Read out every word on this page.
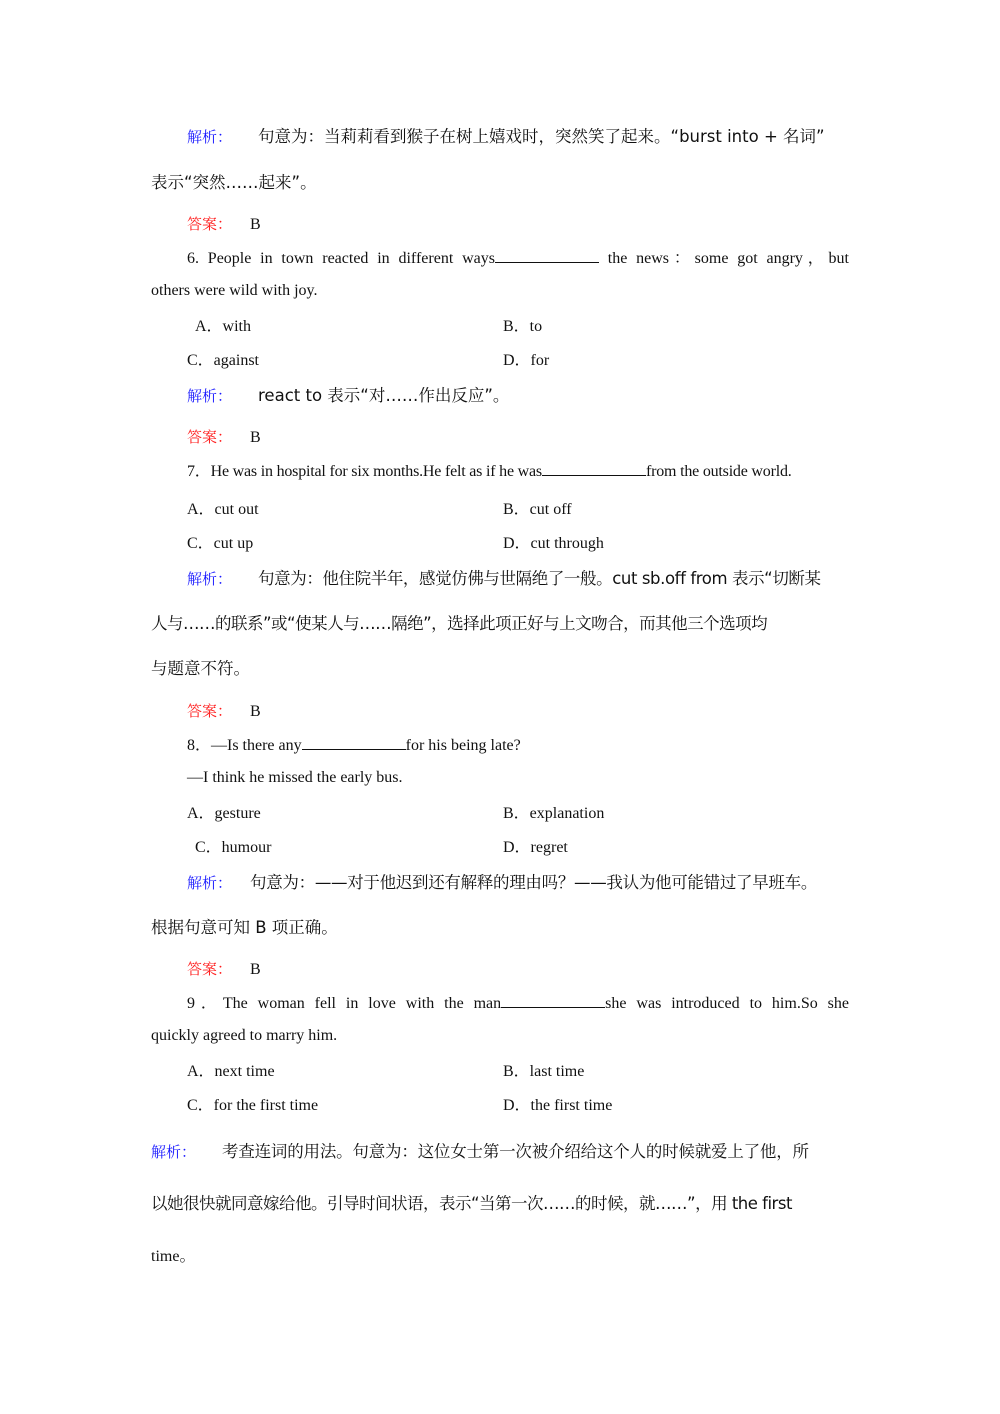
解析： 句意为：当莉莉看到猴子在树上嬉戏时，突然笑了起来。“burst into + 名词”
表示“突然……起来”。
答案： B
6. People in town reacted in different ways	the news：some got angry，but
others were wild with joy.
A．with	B．to
C．against	D．for
解析： react to 表示“对……作出反应”。
答案： B
7．He was in hospital for six months.He felt as if he was	from the outside world.
A．cut out	B．cut off
C．cut up	D．cut through
解析： 句意为：他住院半年，感觉仿佛与世隔绝了一般。cut sb.off from 表示“切断某
人与……的联系”或“使某人与……隔绝”，选择此项正好与上文吻合，而其他三个选项均
与题意不符。
答案： B
8．—Is there any	for his being late?
—I think he missed the early bus.
A．gesture	B．explanation
C．humour	D．regret
解析： 句意为：——对于他迟到还有解释的理由吗？——我认为他可能错过了早班车。
根据句意可知 B 项正确。
答案： B
9．The woman fell in love with the man	she was introduced to him.So she
quickly agreed to marry him.
A．next time	B．last time
C．for the first time	D．the first time
解析： 考查连词的用法。句意为：这位女士第一次被介绍给这个人的时候就爱上了他，所
以她很快就同意嫁给他。引导时间状语，表示“当第一次……的时候，就……”，用 the first
time。
